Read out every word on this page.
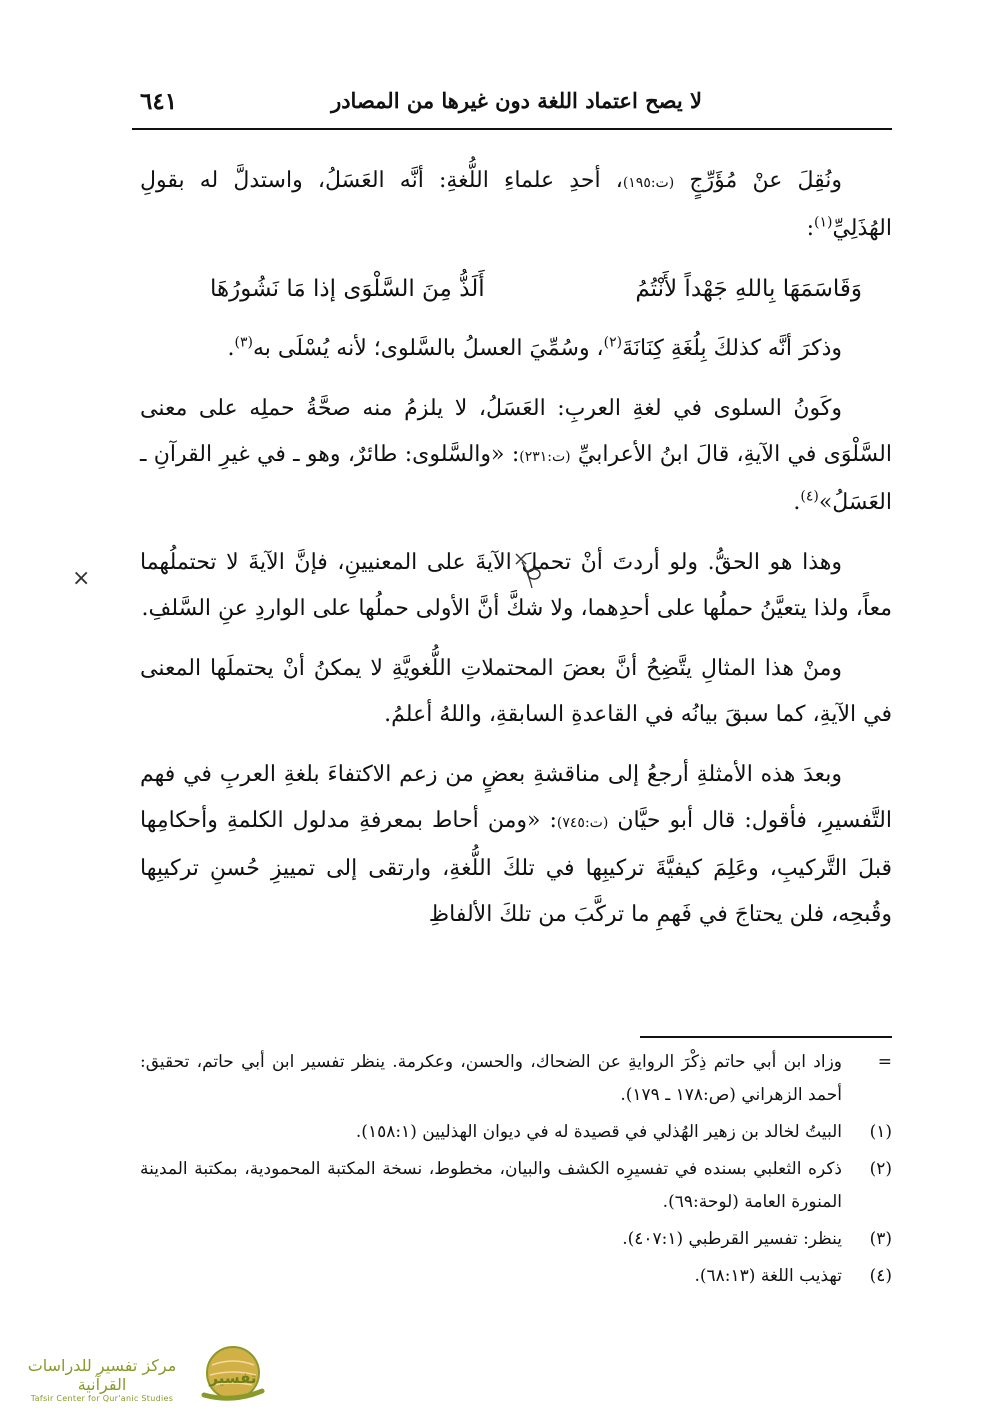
لا يصح اعتماد اللغة دون غيرها من المصادر
٦٤١

ونُقِلَ عنْ مُؤَرِّجٍ (ت:١٩٥)، أحدِ علماءِ اللُّغةِ: أنَّه العَسَلُ، واستدلَّ له بقولِ الهُذَلِيِّ$^{(١)}$:

وَقَاسَمَهَا بِاللهِ جَهْداً لأَنْتُمُ
أَلَذُّ مِنَ السَّلْوَى إذا مَا نَشُورُهَا

وذكرَ أنَّه كذلكَ بِلُغَةِ كِنَانَةَ$^{(٢)}$، وسُمِّيَ العسلُ بالسَّلوى؛ لأنه يُسْلَى به$^{(٣)}$.

وكَونُ السلوى في لغةِ العربِ: العَسَلُ، لا يلزمُ منه صحَّةُ حملِه على معنى السَّلْوَى في الآيةِ، قالَ ابنُ الأعرابيِّ (ت:٢٣١): «والسَّلوى: طائرٌ، وهو ـ في غيرِ القرآنِ ـ العَسَلُ»$^{(٤)}$.

وهذا هو الحقُّ. ولو أردتَ أنْ تحملَ الآيةَ على المعنيينِ، فإنَّ الآيةَ لا تحتملُهما معاً، ولذا يتعيَّنُ حملُها على أحدِهما، ولا شكَّ أنَّ الأولى حملُها على الواردِ عنِ السَّلفِ.

ومنْ هذا المثالِ يتَّضِحُ أنَّ بعضَ المحتملاتِ اللُّغويَّةِ لا يمكنُ أنْ يحتملَها المعنى في الآيةِ، كما سبقَ بيانُه في القاعدةِ السابقةِ، واللهُ أعلمُ.

وبعدَ هذه الأمثلةِ أرجعُ إلى مناقشةِ بعضٍ من زعم الاكتفاءَ بلغةِ العربِ في فهم التَّفسيرِ، فأقول: قال أبو حيَّان (ت:٧٤٥): «ومن أحاط بمعرفةِ مدلول الكلمةِ وأحكامِها قبلَ التَّركيبِ، وعَلِمَ كيفيَّةَ تركيبِها في تلكَ اللُّغةِ، وارتقى إلى تمييزِ حُسنِ تركيبِها وقُبحِه، فلن يحتاجَ في فَهمِ ما تركَّبَ من تلكَ الألفاظِ

=
وزاد ابن أبي حاتم ذِكْرَ الروايةِ عن الضحاك، والحسن، وعكرمة. ينظر تفسير ابن أبي حاتم، تحقيق: أحمد الزهراني (ص:١٧٨ ـ ١٧٩).
(١)
البيتُ لخالد بن زهير الهُذلي في قصيدة له في ديوان الهذليين (١٥٨:١).
(٢)
ذكره الثعلبي بسنده في تفسيرِه الكشف والبيان، مخطوط، نسخة المكتبة المحمودية، بمكتبة المدينة المنورة العامة (لوحة:٦٩).
(٣)
ينظر: تفسير القرطبي (٤٠٧:١).
(٤)
تهذيب اللغة (٦٨:١٣).
×
مركز تفسير للدراسات القرآنية
Tafsir Center for Qur'anic Studies
تفسير
